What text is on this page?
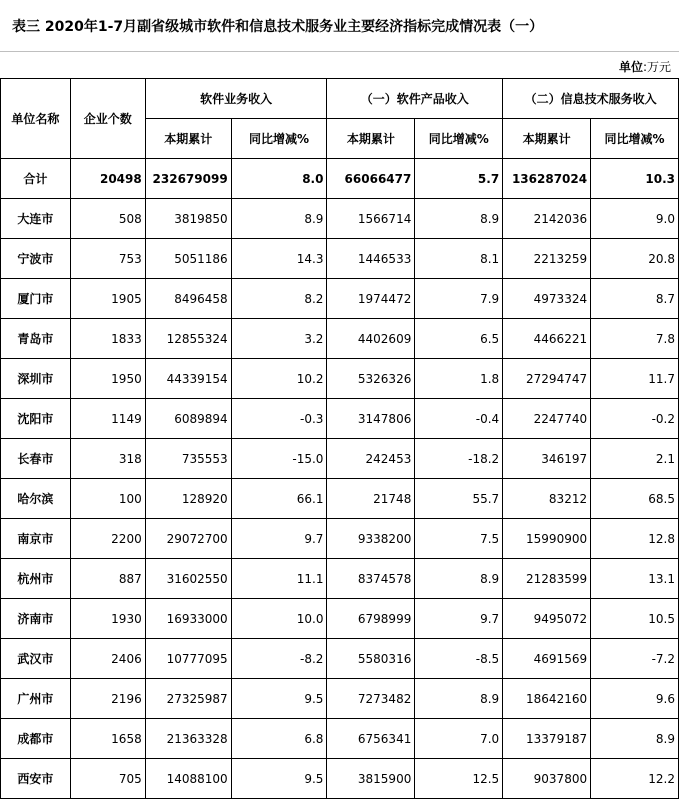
表三 2020年1-7月副省级城市软件和信息技术服务业主要经济指标完成情况表（一）
单位:万元
单位名称	企业个数	软件业务收入		（一）软件产品收入		（二）信息技术服务收入	
		本期累计	同比增减%	本期累计	同比增减%	本期累计	同比增减%
合计	20498	232679099	8.0	66066477	5.7	136287024	10.3
大连市	508	3819850	8.9	1566714	8.9	2142036	9.0
宁波市	753	5051186	14.3	1446533	8.1	2213259	20.8
厦门市	1905	8496458	8.2	1974472	7.9	4973324	8.7
青岛市	1833	12855324	3.2	4402609	6.5	4466221	7.8
深圳市	1950	44339154	10.2	5326326	1.8	27294747	11.7
沈阳市	1149	6089894	-0.3	3147806	-0.4	2247740	-0.2
长春市	318	735553	-15.0	242453	-18.2	346197	2.1
哈尔滨	100	128920	66.1	21748	55.7	83212	68.5
南京市	2200	29072700	9.7	9338200	7.5	15990900	12.8
杭州市	887	31602550	11.1	8374578	8.9	21283599	13.1
济南市	1930	16933000	10.0	6798999	9.7	9495072	10.5
武汉市	2406	10777095	-8.2	5580316	-8.5	4691569	-7.2
广州市	2196	27325987	9.5	7273482	8.9	18642160	9.6
成都市	1658	21363328	6.8	6756341	7.0	13379187	8.9
西安市	705	14088100	9.5	3815900	12.5	9037800	12.2
